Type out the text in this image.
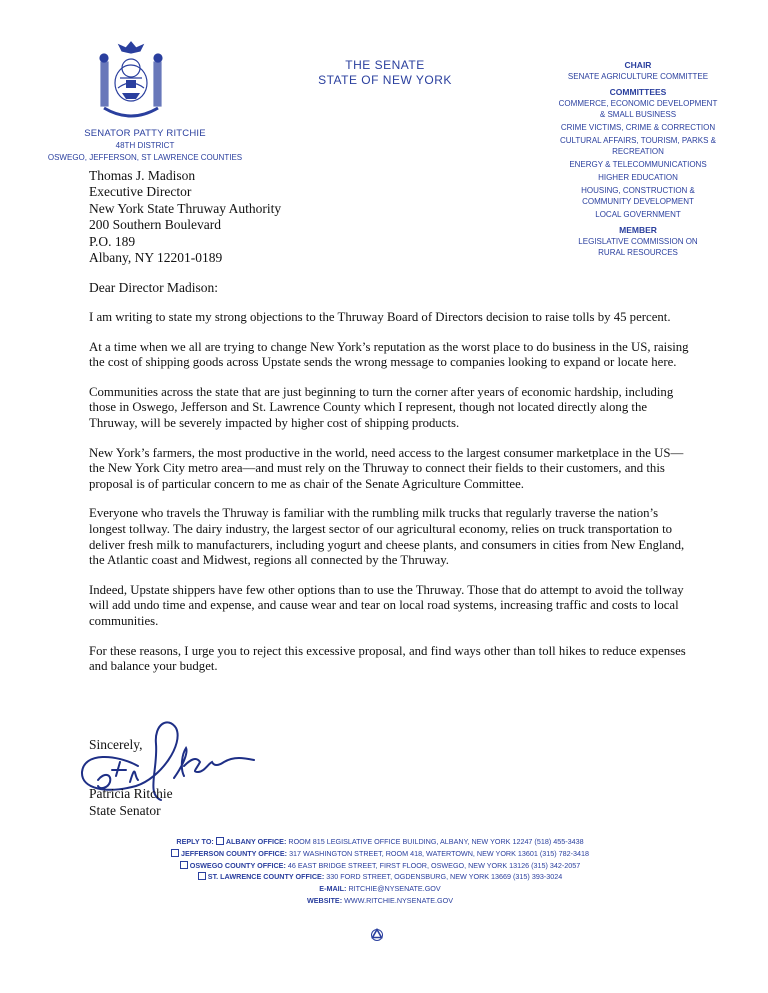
THE SENATE
STATE OF NEW YORK
SENATOR PATTY RITCHIE
48TH DISTRICT
OSWEGO, JEFFERSON, ST LAWRENCE COUNTIES
CHAIR
SENATE AGRICULTURE COMMITTEE
COMMITTEES
COMMERCE, ECONOMIC DEVELOPMENT
& SMALL BUSINESS
CRIME VICTIMS, CRIME & CORRECTION
CULTURAL AFFAIRS, TOURISM, PARKS &
RECREATION
ENERGY & TELECOMMUNICATIONS
HIGHER EDUCATION
HOUSING, CONSTRUCTION &
COMMUNITY DEVELOPMENT
LOCAL GOVERNMENT
MEMBER
LEGISLATIVE COMMISSION ON
RURAL RESOURCES
Thomas J. Madison
Executive Director
New York State Thruway Authority
200 Southern Boulevard
P.O. 189
Albany, NY 12201-0189
Dear Director Madison:

I am writing to state my strong objections to the Thruway Board of Directors decision to raise tolls by 45 percent.

At a time when we all are trying to change New York’s reputation as the worst place to do business in the US, raising the cost of shipping goods across Upstate sends the wrong message to companies looking to expand or locate here.

Communities across the state that are just beginning to turn the corner after years of economic hardship, including those in Oswego, Jefferson and St. Lawrence County which I represent, though not located directly along the Thruway, will be severely impacted by higher cost of shipping products.

New York’s farmers, the most productive in the world, need access to the largest consumer marketplace in the US—the New York City metro area—and must rely on the Thruway to connect their fields to their customers, and this proposal is of particular concern to me as chair of the Senate Agriculture Committee.

Everyone who travels the Thruway is familiar with the rumbling milk trucks that regularly traverse the nation’s longest tollway. The dairy industry, the largest sector of our agricultural economy, relies on truck transportation to deliver fresh milk to manufacturers, including yogurt and cheese plants, and consumers in cities from New England, the Atlantic coast and Midwest, regions all connected by the Thruway.

Indeed, Upstate shippers have few other options than to use the Thruway. Those that do attempt to avoid the tollway will add undo time and expense, and cause wear and tear on local road systems, increasing traffic and costs to local communities.

For these reasons, I urge you to reject this excessive proposal, and find ways other than toll hikes to reduce expenses and balance your budget.

Sincerely,
Patricia Ritchie
State Senator
REPLY TO: ALBANY OFFICE: ROOM 815 LEGISLATIVE OFFICE BUILDING, ALBANY, NEW YORK 12247 (518) 455-3438
JEFFERSON COUNTY OFFICE: 317 WASHINGTON STREET, ROOM 418, WATERTOWN, NEW YORK 13601 (315) 782-3418
OSWEGO COUNTY OFFICE: 46 EAST BRIDGE STREET, FIRST FLOOR, OSWEGO, NEW YORK 13126 (315) 342-2057
ST. LAWRENCE COUNTY OFFICE: 330 FORD STREET, OGDENSBURG, NEW YORK 13669 (315) 393-3024
E-MAIL: RITCHIE@NYSENATE.GOV
WEBSITE: WWW.RITCHIE.NYSENATE.GOV
